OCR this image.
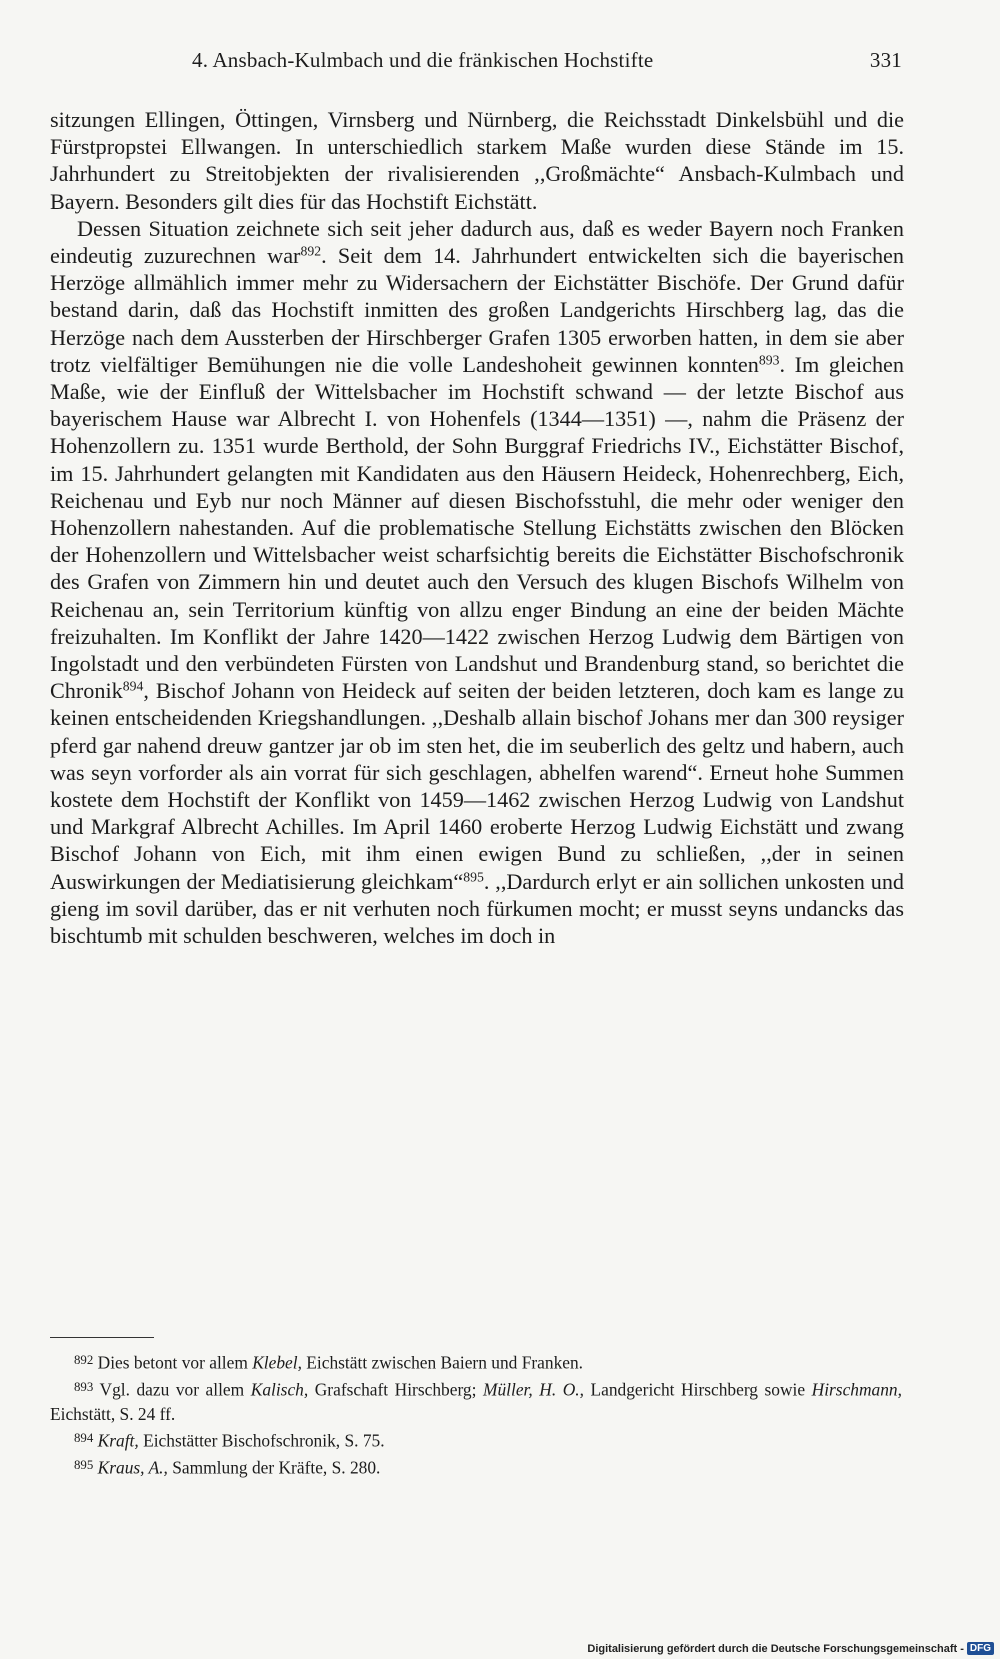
4. Ansbach-Kulmbach und die fränkischen Hochstifte	331

sitzungen Ellingen, Öttingen, Virnsberg und Nürnberg, die Reichsstadt Dinkelsbühl und die Fürstpropstei Ellwangen. In unterschiedlich starkem Maße wurden diese Stände im 15. Jahrhundert zu Streitobjekten der rivalisierenden ,,Großmächte“ Ansbach-Kulmbach und Bayern. Besonders gilt dies für das Hochstift Eichstätt.

Dessen Situation zeichnete sich seit jeher dadurch aus, daß es weder Bayern noch Franken eindeutig zuzurechnen war$^{892}$. Seit dem 14. Jahrhundert entwickelten sich die bayerischen Herzöge allmählich immer mehr zu Widersachern der Eichstätter Bischöfe. Der Grund dafür bestand darin, daß das Hochstift inmitten des großen Landgerichts Hirschberg lag, das die Herzöge nach dem Aussterben der Hirschberger Grafen 1305 erworben hatten, in dem sie aber trotz vielfältiger Bemühungen nie die volle Landeshoheit gewinnen konnten$^{893}$. Im gleichen Maße, wie der Einfluß der Wittelsbacher im Hochstift schwand — der letzte Bischof aus bayerischem Hause war Albrecht I. von Hohenfels (1344—1351) —, nahm die Präsenz der Hohenzollern zu. 1351 wurde Berthold, der Sohn Burggraf Friedrichs IV., Eichstätter Bischof, im 15. Jahrhundert gelangten mit Kandidaten aus den Häusern Heideck, Hohenrechberg, Eich, Reichenau und Eyb nur noch Männer auf diesen Bischofsstuhl, die mehr oder weniger den Hohenzollern nahestanden. Auf die problematische Stellung Eichstätts zwischen den Blöcken der Hohenzollern und Wittelsbacher weist scharfsichtig bereits die Eichstätter Bischofschronik des Grafen von Zimmern hin und deutet auch den Versuch des klugen Bischofs Wilhelm von Reichenau an, sein Territorium künftig von allzu enger Bindung an eine der beiden Mächte freizuhalten. Im Konflikt der Jahre 1420—1422 zwischen Herzog Ludwig dem Bärtigen von Ingolstadt und den verbündeten Fürsten von Landshut und Brandenburg stand, so berichtet die Chronik$^{894}$, Bischof Johann von Heideck auf seiten der beiden letzteren, doch kam es lange zu keinen entscheidenden Kriegshandlungen. ,,Deshalb allain bischof Johans mer dan 300 reysiger pferd gar nahend dreuw gantzer jar ob im sten het, die im seuberlich des geltz und habern, auch was seyn vorforder als ain vorrat für sich geschlagen, abhelfen warend“. Erneut hohe Summen kostete dem Hochstift der Konflikt von 1459—1462 zwischen Herzog Ludwig von Landshut und Markgraf Albrecht Achilles. Im April 1460 eroberte Herzog Ludwig Eichstätt und zwang Bischof Johann von Eich, mit ihm einen ewigen Bund zu schließen, ,,der in seinen Auswirkungen der Mediatisierung gleichkam“$^{895}$. ,,Dardurch erlyt er ain sollichen unkosten und gieng im sovil darüber, das er nit verhuten noch fürkumen mocht; er musst seyns undancks das bischtumb mit schulden beschweren, welches im doch in

$^{892}$ Dies betont vor allem Klebel, Eichstätt zwischen Baiern und Franken.

$^{893}$ Vgl. dazu vor allem Kalisch, Grafschaft Hirschberg; Müller, H. O., Landgericht Hirschberg sowie Hirschmann, Eichstätt, S. 24 ff.

$^{894}$ Kraft, Eichstätter Bischofschronik, S. 75.

$^{895}$ Kraus, A., Sammlung der Kräfte, S. 280.

Digitalisierung gefördert durch die Deutsche Forschungsgemeinschaft - DFG
